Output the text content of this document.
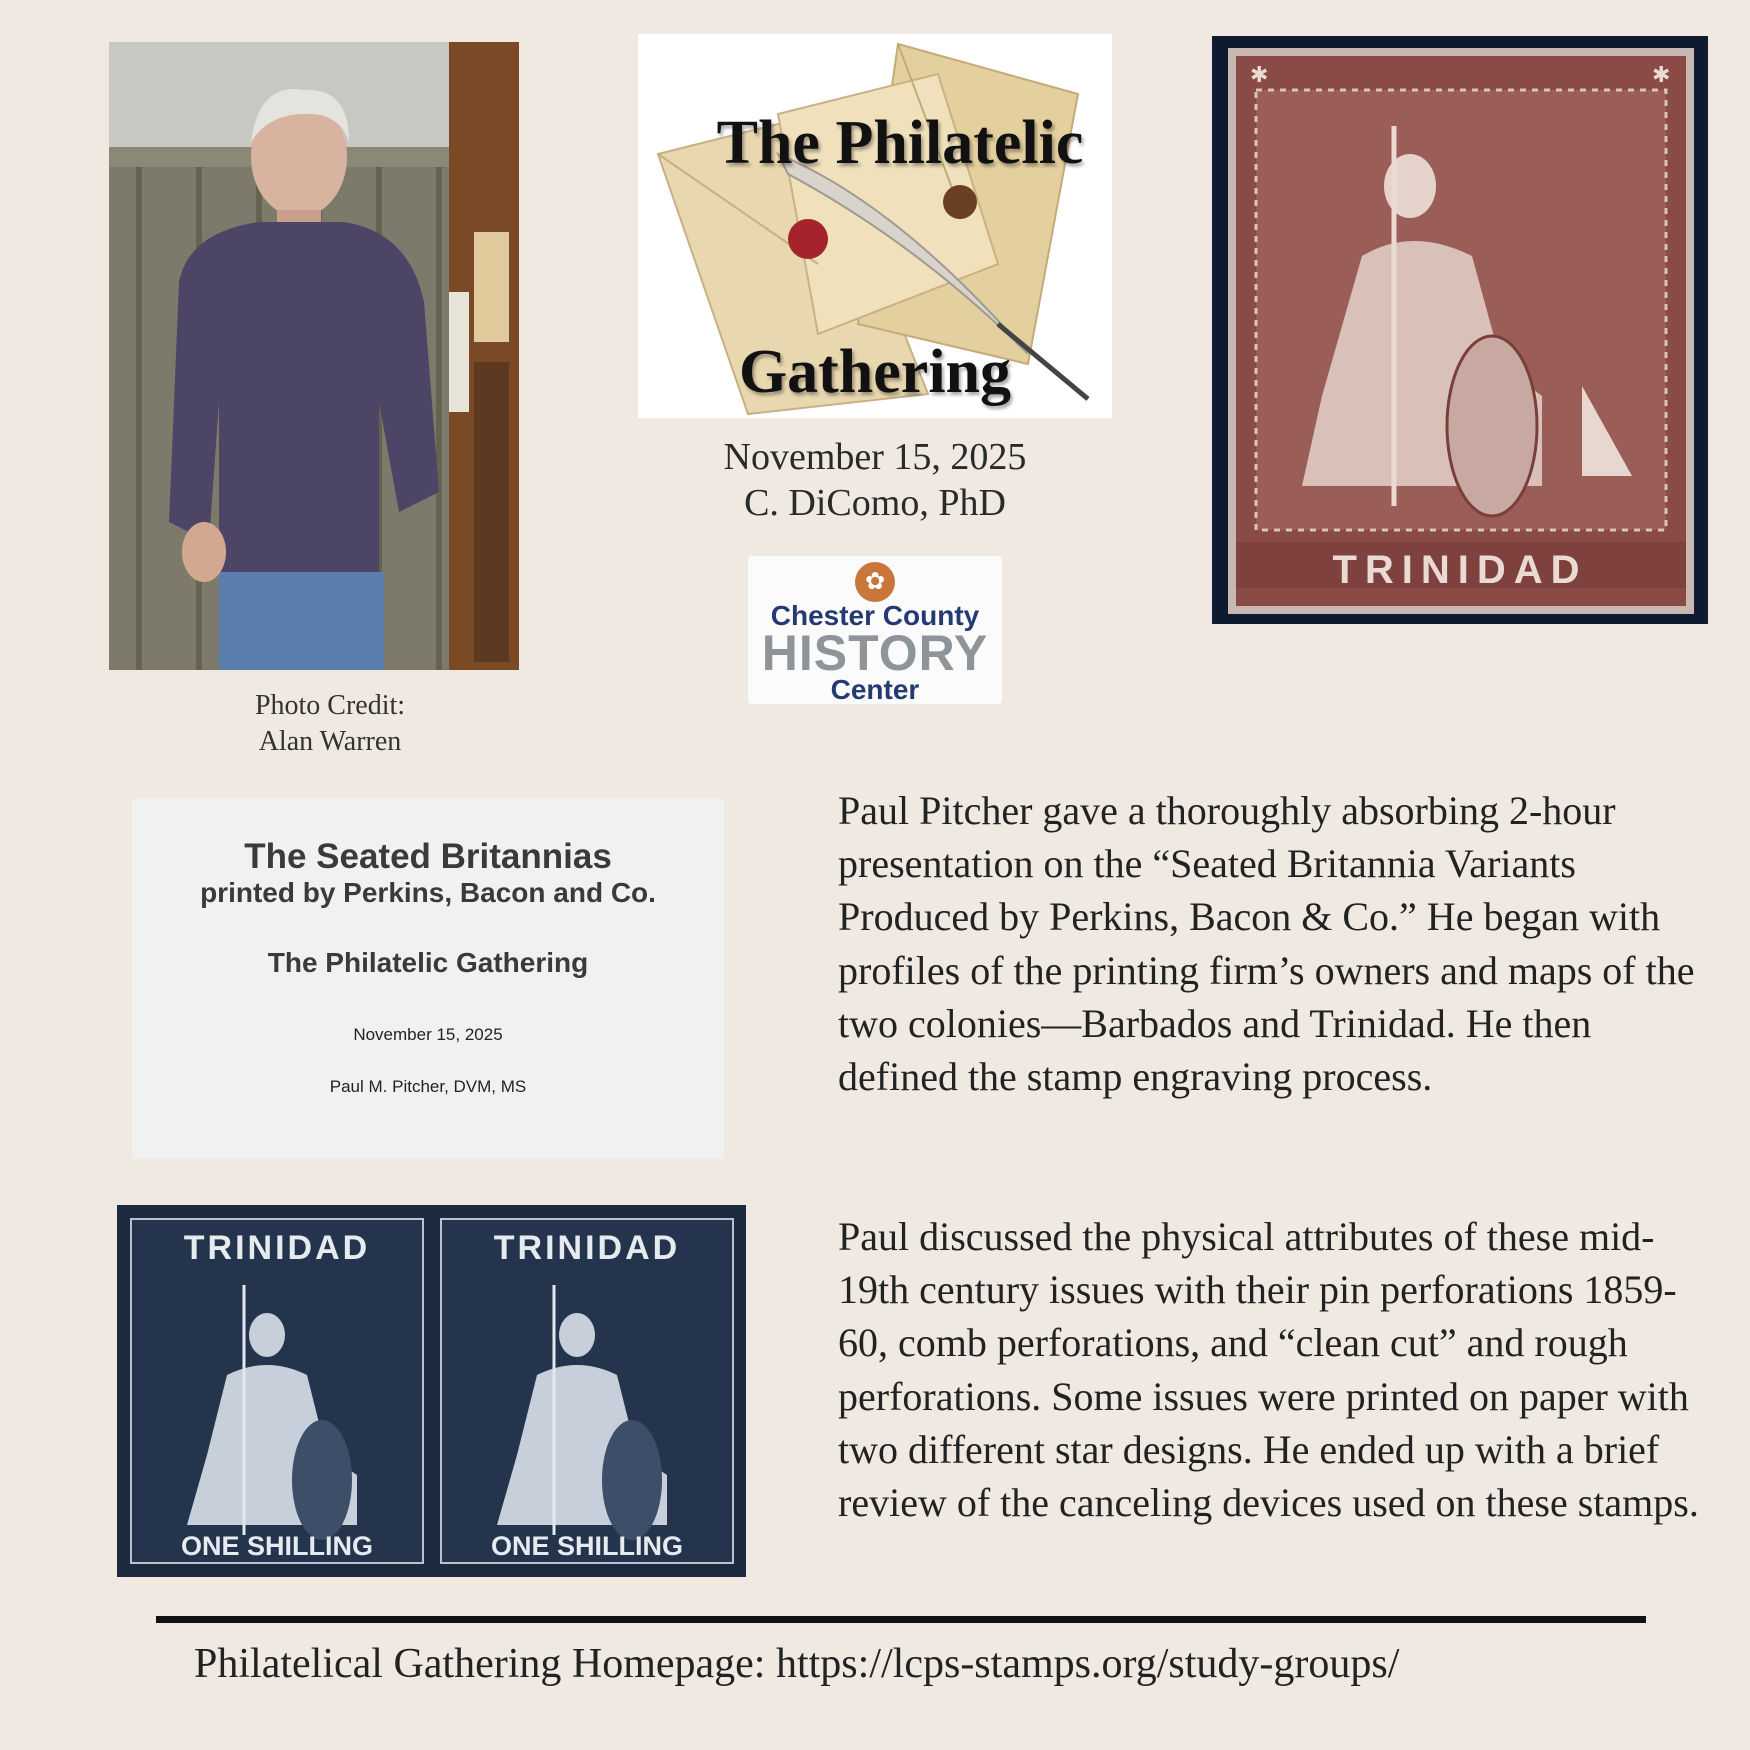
Photo Credit:
Alan Warren
The Philatelic
Gathering
November 15, 2025
C. DiComo, PhD
✿
Chester County
HISTORY
Center
✱	✱
TRINIDAD
The Seated Britannias
printed by Perkins, Bacon and Co.
The Philatelic Gathering
November 15, 2025
Paul M. Pitcher, DVM, MS
TRINIDAD	TRINIDAD
ONE SHILLING	ONE SHILLING
Paul Pitcher gave a thoroughly absorbing 2-hour presentation on the “Seated Britannia Variants Produced by Perkins, Bacon & Co.” He began with profiles of the printing firm’s owners and maps of the two colonies—Barbados and Trinidad. He then defined the stamp engraving process.
Paul discussed the physical attributes of these mid-19th century issues with their pin perforations 1859-60, comb perforations, and “clean cut” and rough perforations. Some issues were printed on paper with two different star designs. He ended up with a brief review of the canceling devices used on these stamps.
Philatelical Gathering Homepage: https://lcps-stamps.org/study-groups/
